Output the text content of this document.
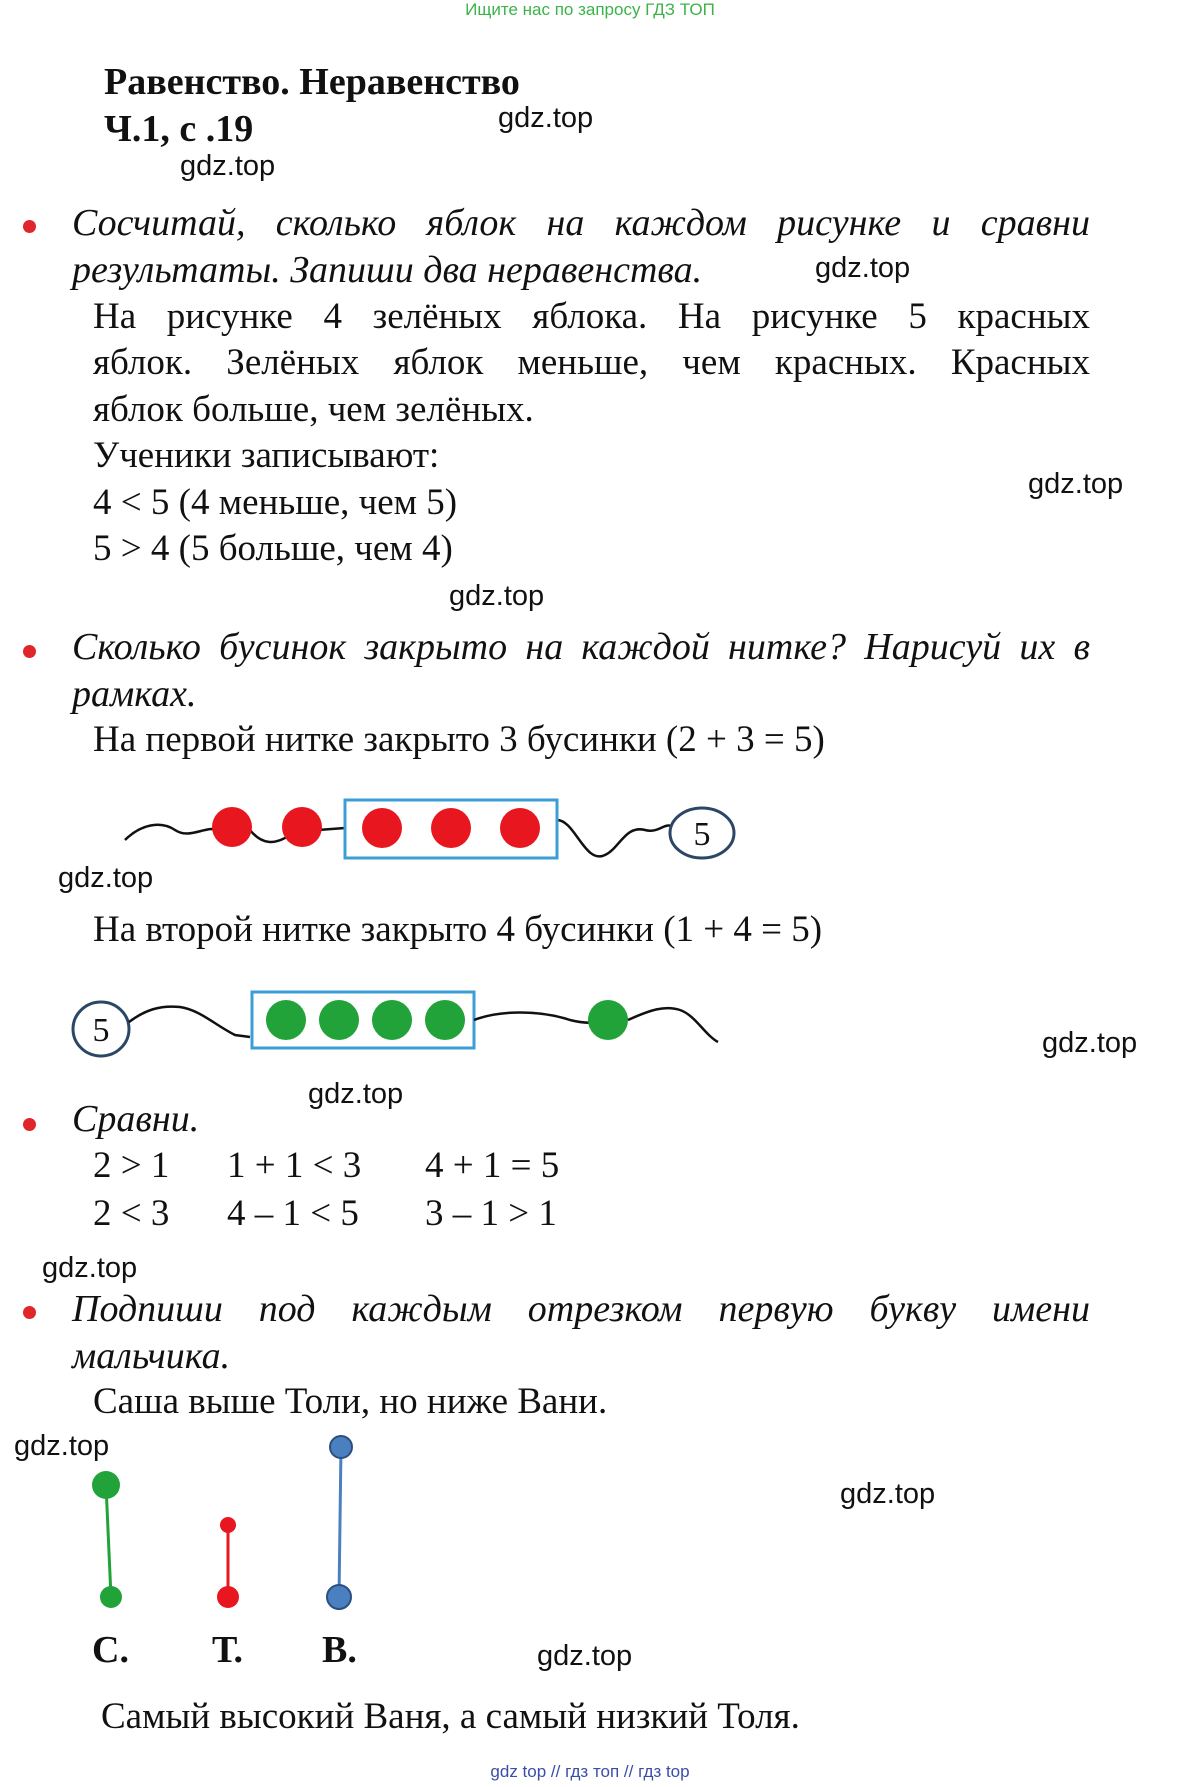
Ищите нас по запросу ГДЗ ТОП
Равенство. Неравенство
Ч.1, с .19	gdz.top
gdz.top
gdz.top
gdz.top
gdz.top
gdz.top
gdz.top
gdz.top
gdz.top
gdz.top
gdz.top
gdz.top
Сосчитай, сколько яблок на каждом рисунке и сравни
результаты. Запиши два неравенства.
На рисунке 4 зелёных яблока. На рисунке 5 красных
яблок. Зелёных яблок меньше, чем красных. Красных
яблок больше, чем зелёных.
Ученики записывают:
4 < 5 (4 меньше, чем 5)
5 > 4 (5 больше, чем 4)
Сколько бусинок закрыто на каждой нитке? Нарисуй их в
рамках.
На первой нитке закрыто 3 бусинки (2 + 3 = 5)
5
На второй нитке закрыто 4 бусинки (1 + 4 = 5)
5
Сравни.
2 > 1 1 + 1 < 3 4 + 1 = 5
2 < 3 4 – 1 < 5 3 – 1 > 1
Подпиши под каждым отрезком первую букву имени
мальчика.
Саша выше Толи, но ниже Вани.
С. Т. В.
Самый высокий Ваня, а самый низкий Толя.
gdz top // гдз топ // гдз top
